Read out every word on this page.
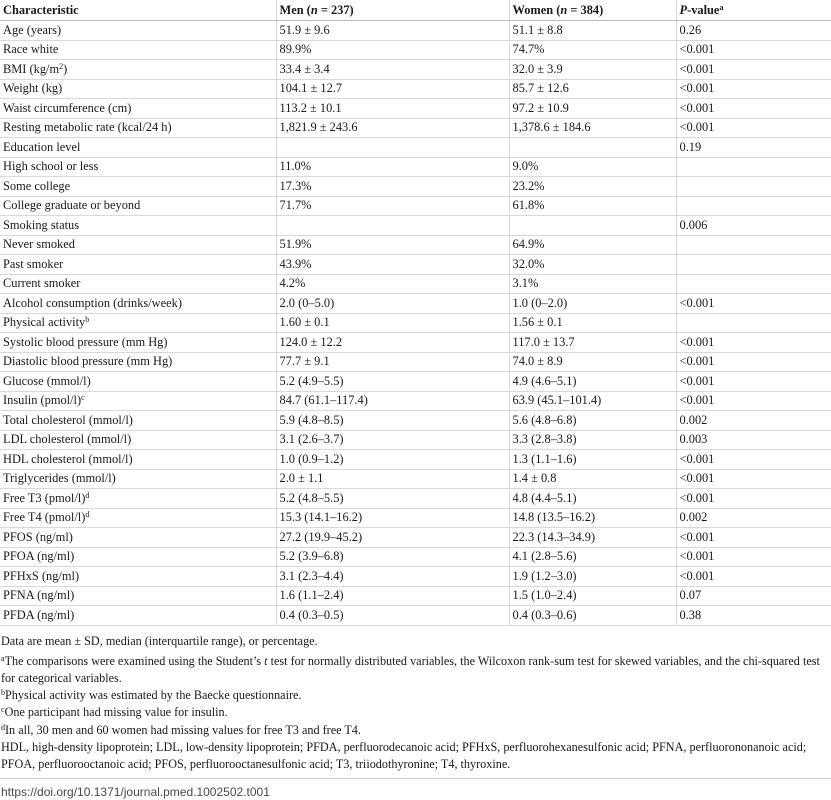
Characteristic	Men (n = 237)	Women (n = 384)	P-value$^a$
Age (years)	51.9 ± 9.6	51.1 ± 8.8	0.26
Race white	89.9%	74.7%	<0.001
BMI $(kg/m^2)$	33.4 ± 3.4	32.0 ± 3.9	<0.001
Weight (kg)	104.1 ± 12.7	85.7 ± 12.6	<0.001
Waist circumference (cm)	113.2 ± 10.1	97.2 ± 10.9	<0.001
Resting metabolic rate (kcal/24 h)	1,821.9 ± 243.6	1,378.6 ± 184.6	<0.001
Education level			0.19
High school or less	11.0%	9.0%	
Some college	17.3%	23.2%	
College graduate or beyond	71.7%	61.8%	
Smoking status			0.006
Never smoked	51.9%	64.9%	
Past smoker	43.9%	32.0%	
Current smoker	4.2%	3.1%	
Alcohol consumption (drinks/week)	2.0 (0–5.0)	1.0 (0–2.0)	<0.001
Physical activity$^b$	1.60 ± 0.1	1.56 ± 0.1	
Systolic blood pressure (mm Hg)	124.0 ± 12.2	117.0 ± 13.7	<0.001
Diastolic blood pressure (mm Hg)	77.7 ± 9.1	74.0 ± 8.9	<0.001
Glucose (mmol/l)	5.2 (4.9–5.5)	4.9 (4.6–5.1)	<0.001
Insulin (pmol/l)$^c$	84.7 (61.1–117.4)	63.9 (45.1–101.4)	<0.001
Total cholesterol (mmol/l)	5.9 (4.8–8.5)	5.6 (4.8–6.8)	0.002
LDL cholesterol (mmol/l)	3.1 (2.6–3.7)	3.3 (2.8–3.8)	0.003
HDL cholesterol (mmol/l)	1.0 (0.9–1.2)	1.3 (1.1–1.6)	<0.001
Triglycerides (mmol/l)	2.0 ± 1.1	1.4 ± 0.8	<0.001
Free T3 (pmol/l)$^d$	5.2 (4.8–5.5)	4.8 (4.4–5.1)	<0.001
Free T4 (pmol/l)$^d$	15.3 (14.1–16.2)	14.8 (13.5–16.2)	0.002
PFOS (ng/ml)	27.2 (19.9–45.2)	22.3 (14.3–34.9)	<0.001
PFOA (ng/ml)	5.2 (3.9–6.8)	4.1 (2.8–5.6)	<0.001
PFHxS (ng/ml)	3.1 (2.3–4.4)	1.9 (1.2–3.0)	<0.001
PFNA (ng/ml)	1.6 (1.1–2.4)	1.5 (1.0–2.4)	0.07
PFDA (ng/ml)	0.4 (0.3–0.5)	0.4 (0.3–0.6)	0.38

Data are mean ± SD, median (interquartile range), or percentage.

$^a$The comparisons were examined using the Student’s t test for normally distributed variables, the Wilcoxon rank-sum test for skewed variables, and the chi-squared test for categorical variables.

$^b$Physical activity was estimated by the Baecke questionnaire.

$^c$One participant had missing value for insulin.

$^d$In all, 30 men and 60 women had missing values for free T3 and free T4.

HDL, high-density lipoprotein; LDL, low-density lipoprotein; PFDA, perfluorodecanoic acid; PFHxS, perfluorohexanesulfonic acid; PFNA, perfluorononanoic acid; PFOA, perfluorooctanoic acid; PFOS, perfluorooctanesulfonic acid; T3, triiodothyronine; T4, thyroxine.

https://doi.org/10.1371/journal.pmed.1002502.t001
